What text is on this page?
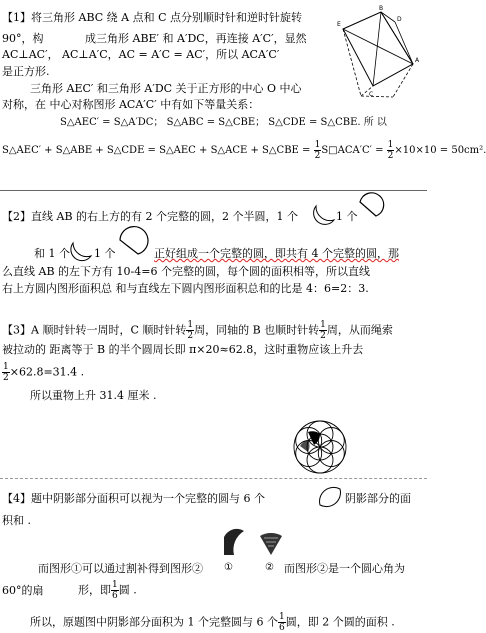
【1】将三角形 ABC 绕 A 点和 C 点分别顺时针和逆时针旋转
90°，构	成三角形 ABE′ 和 A′DC，再连接 A′C′，显然
AC⊥AC′， AC⊥A′C，AC = A′C = AC′，所以 ACA′C′
是正方形.
三角形 AEC′ 和三角形 A′DC 关于正方形的中心 O 中心
对称，在 中心对称图形 ACA′C′ 中有如下等量关系：
S△AEC′ = S△A′DC； S△ABC = S△CBE； S△CDE = S△CBE. 所 以
S△AEC′ + S△ABE + S△CDE = S△AEC + S△ACE + S△CBE = $\frac{1}{2}$ S□ACA′C′ = $\frac{1}{2} \times 10\times 10 = 50cm^2$.
E
B
A
D
C
【2】直线 AB 的右上方的有 2 个完整的圆，2 个半圆，1 个	1 个
和 1 个 1 个	正好组成一个完整的圆，即共有 4 个完整的圆，那
么直线 AB 的左下方有 10-4=6 个完整的圆，每个圆的面积相等，所以直线
右上方圆内图形面积总 和与直线左下圆内图形面积总和的比是 4：6=2：3.
【3】A 顺时针转一周时，C 顺时针转 $\frac{1}{2}$ 周，同轴的 B 也顺时针转 $\frac{1}{2}$ 周，从而绳索
被拉动的 距离等于 B 的半个圆周长即 π×20≈62.8，这时重物应该上升去
$\frac{1}{2} \times 62.8=31.4$ .
所以重物上升 31.4 厘米 .
【4】题中阴影部分面积可以视为一个完整的圆与 6 个	阴影部分的面
积和 .
而图形①可以通过割补得到图形② ①	② 而图形②是一个圆心角为
60°的扇	形，即 $\frac{1}{6}$ 圆 .
所以，原题图中阴影部分面积为 1 个完整圆与 6 个 $\frac{1}{6}$ 圆，即 2 个圆的面积 .
